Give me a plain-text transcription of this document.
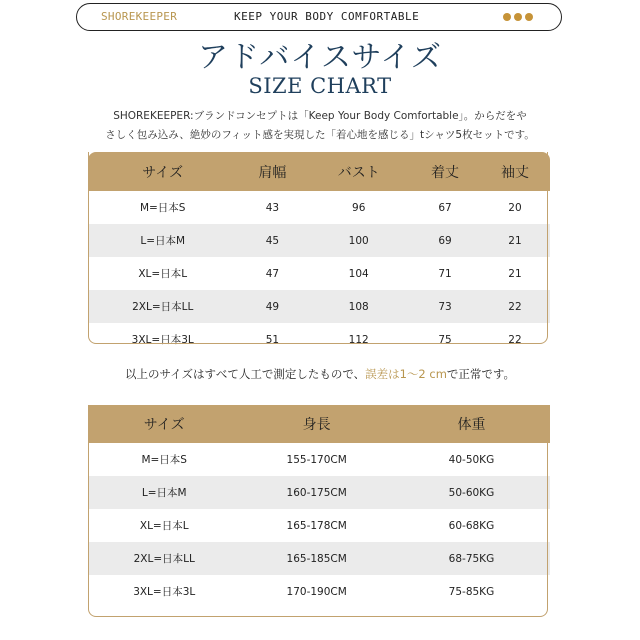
SHOREKEEPER	KEEP YOUR BODY COMFORTABLE
アドバイスサイズ
SIZE CHART
SHOREKEEPER:ブランドコンセプトは「Keep Your Body Comfortable」。からだをや
さしく包み込み、絶妙のフィット感を実現した「着心地を感じる」tシャツ5枚セットです。
サイズ	肩幅	バスト	着丈	袖丈
M=日本S	43	96	67	20
L=日本M	45	100	69	21
XL=日本L	47	104	71	21
2XL=日本LL	49	108	73	22
3XL=日本3L	51	112	75	22
以上のサイズはすべて人工で測定したもので、誤差は1〜2 cmで正常です。
サイズ	身長	体重
M=日本S	155-170CM	40-50KG
L=日本M	160-175CM	50-60KG
XL=日本L	165-178CM	60-68KG
2XL=日本LL	165-185CM	68-75KG
3XL=日本3L	170-190CM	75-85KG
